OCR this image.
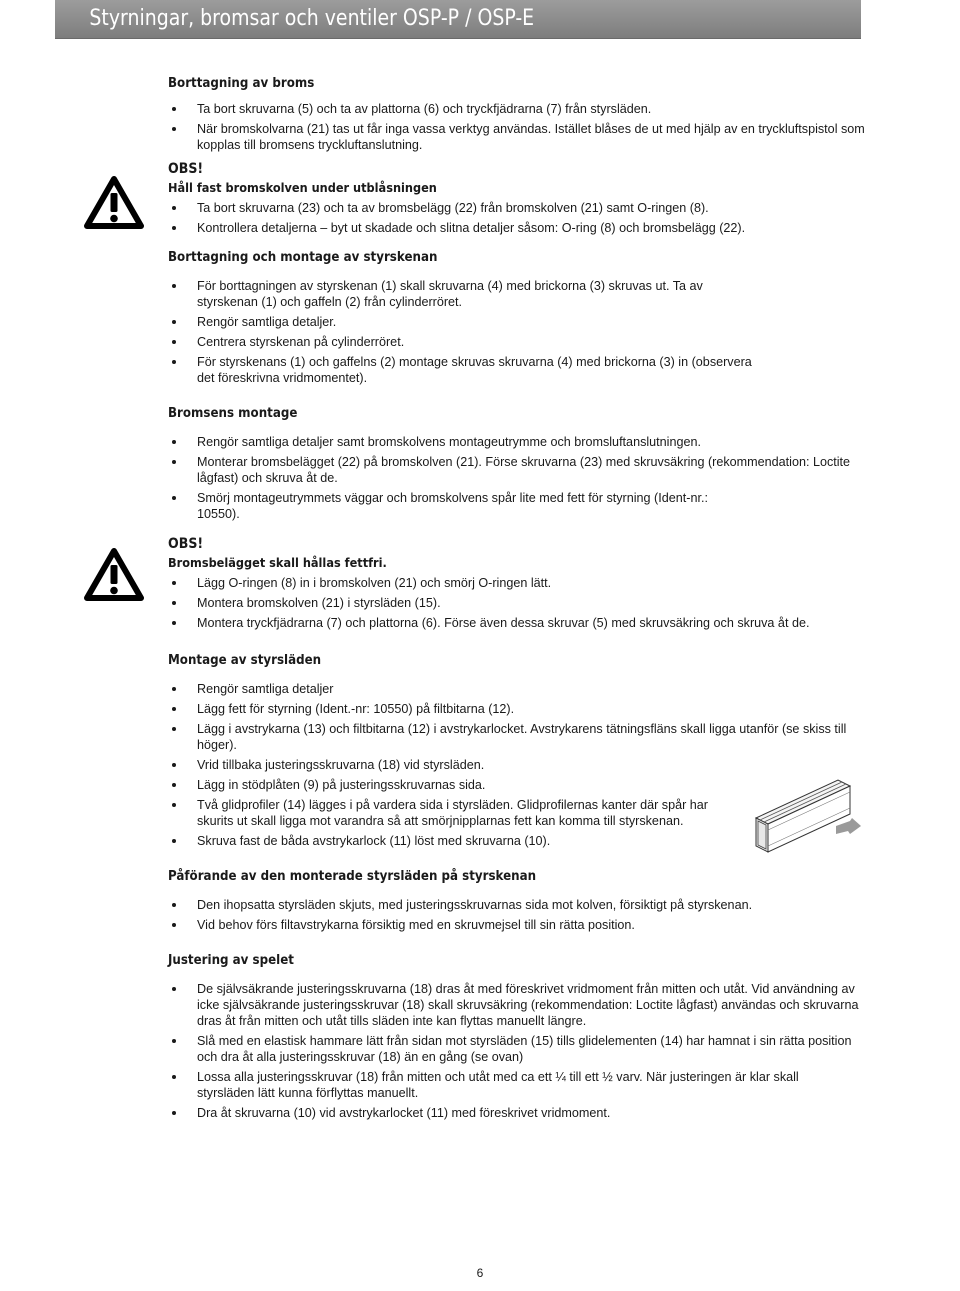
Styrningar, bromsar och ventiler OSP-P / OSP-E
Borttagning av broms
Ta bort skruvarna (5) och ta av plattorna (6) och tryckfjädrarna (7) från styrsläden.
När bromskolvarna (21) tas ut får inga vassa verktyg användas. Istället blåses de ut med hjälp av en tryckluftspistol som kopplas till bromsens tryckluftanslutning.

OBS!

Håll fast bromskolven under utblåsningen

Ta bort skruvarna (23) och ta av bromsbelägg (22) från bromskolven (21) samt O-ringen (8).
Kontrollera detaljerna – byt ut skadade och slitna detaljer såsom: O-ring (8) och bromsbelägg (22).
Borttagning och montage av styrskenan
För borttagningen av styrskenan (1) skall skruvarna (4) med brickorna (3) skruvas ut. Ta av styrskenan (1) och gaffeln (2) från cylinderröret.
Rengör samtliga detaljer.
Centrera styrskenan på cylinderröret.
För styrskenans (1) och gaffelns (2) montage skruvas skruvarna (4) med brickorna (3) in (observera det föreskrivna vridmomentet).
Bromsens montage
Rengör samtliga detaljer samt bromskolvens montageutrymme och bromsluftanslutningen.
Monterar bromsbelägget (22) på bromskolven (21). Förse skruvarna (23) med skruvsäkring (rekommendation: Loctite lågfast) och skruva åt de.
Smörj montageutrymmets väggar och bromskolvens spår lite med fett för styrning (Ident-nr.: 10550).

OBS!

Bromsbelägget skall hållas fettfri.

Lägg O-ringen (8) in i bromskolven (21) och smörj O-ringen lätt.
Montera bromskolven (21) i styrsläden (15).
Montera tryckfjädrarna (7) och plattorna (6). Förse även dessa skruvar (5) med skruvsäkring och skruva åt de.
Montage av styrsläden
Rengör samtliga detaljer
Lägg fett för styrning (Ident.-nr: 10550) på filtbitarna (12).
Lägg i avstrykarna (13) och filtbitarna (12) i avstrykarlocket. Avstrykarens tätningsfläns skall ligga utanför (se skiss till höger).
Vrid tillbaka justeringsskruvarna (18) vid styrsläden.
Lägg in stödplåten (9) på justeringsskruvarnas sida.
Två glidprofiler (14) lägges i på vardera sida i styrsläden. Glidprofilernas kanter där spår har skurits ut skall ligga mot varandra så att smörjnipplarnas fett kan komma till styrskenan.
Skruva fast de båda avstrykarlock (11) löst med skruvarna (10).
Påförande av den monterade styrsläden på styrskenan
Den ihopsatta styrsläden skjuts, med justeringsskruvarnas sida mot kolven, försiktigt på styrskenan.
Vid behov förs filtavstrykarna försiktig med en skruvmejsel till sin rätta position.
Justering av spelet
De självsäkrande justeringsskruvarna (18) dras åt med föreskrivet vridmoment från mitten och utåt. Vid användning av icke självsäkrande justeringsskruvar (18) skall skruvsäkring (rekommendation: Loctite lågfast) användas och skruvarna dras åt från mitten och utåt tills släden inte kan flyttas manuellt längre.
Slå med en elastisk hammare lätt från sidan mot styrsläden (15) tills glidelementen (14) har hamnat i sin rätta position och dra åt alla justeringsskruvar (18) än en gång (se ovan)
Lossa alla justeringsskruvar (18) från mitten och utåt med ca ett ¼ till ett ½ varv. När justeringen är klar skall styrsläden lätt kunna förflyttas manuellt.
Dra åt skruvarna (10) vid avstrykarlocket (11) med föreskrivet vridmoment.
6
